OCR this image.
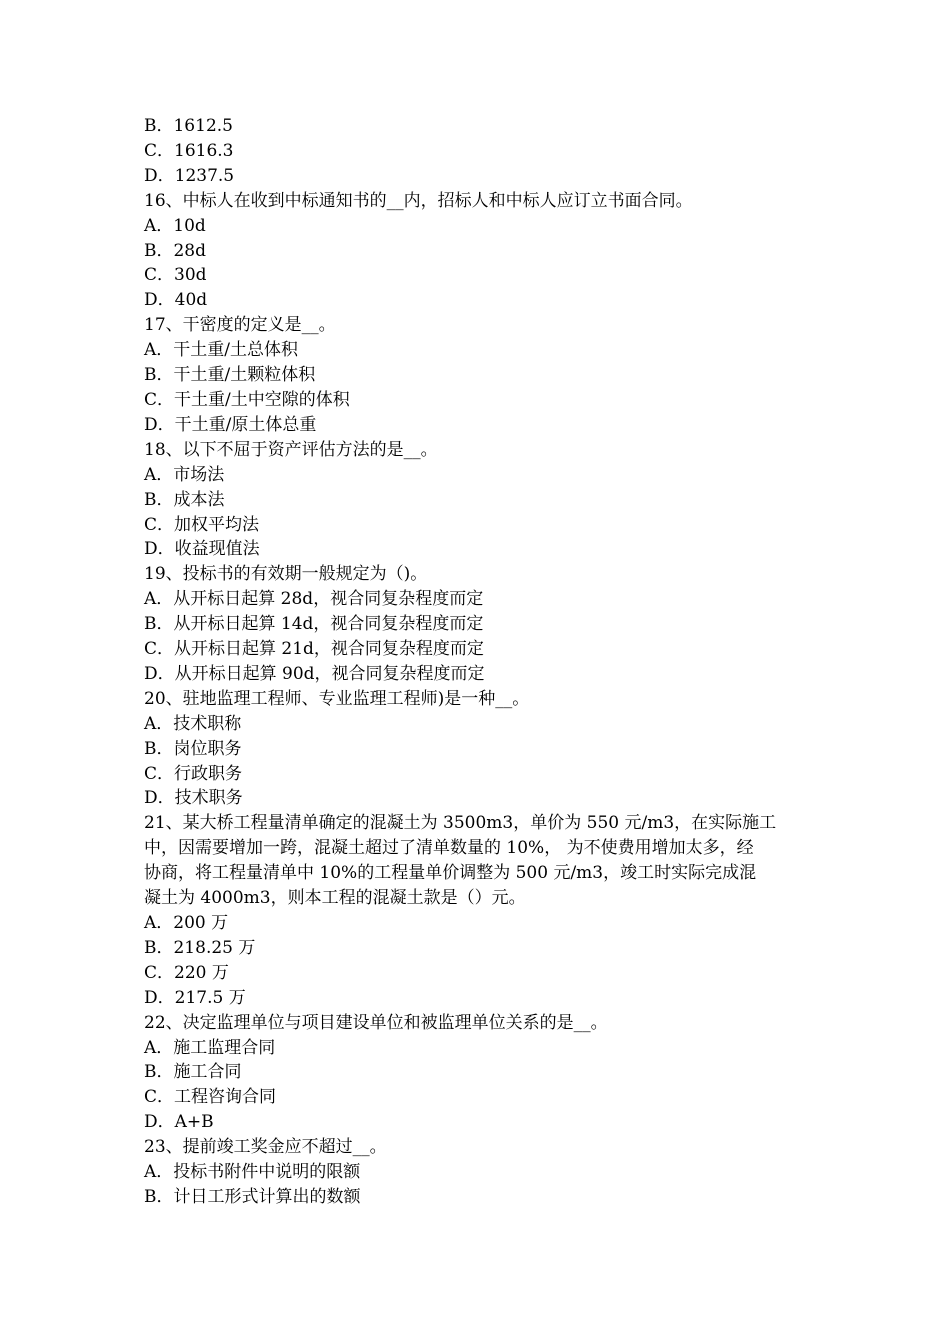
B．1612.5
C．1616.3
D．1237.5
16、中标人在收到中标通知书的__内，招标人和中标人应订立书面合同。
A．10d
B．28d
C．30d
D．40d
17、干密度的定义是__。
A．干土重/土总体积
B．干土重/土颗粒体积
C．干土重/土中空隙的体积
D．干土重/原土体总重
18、以下不屈于资产评估方法的是__。
A．市场法
B．成本法
C．加权平均法
D．收益现值法
19、投标书的有效期一般规定为（)。
A．从开标日起算 28d，视合同复杂程度而定
B．从开标日起算 14d，视合同复杂程度而定
C．从开标日起算 21d，视合同复杂程度而定
D．从开标日起算 90d，视合同复杂程度而定
20、驻地监理工程师、专业监理工程师)是一种__。
A．技术职称
B．岗位职务
C．行政职务
D．技术职务
21、某大桥工程量清单确定的混凝土为 3500m3，单价为 550 元/m3，在实际施工
中，因需要增加一跨，混凝土超过了清单数量的 10%， 为不使费用增加太多，经
协商，将工程量清单中 10%的工程量单价调整为 500 元/m3，竣工时实际完成混
凝土为 4000m3，则本工程的混凝土款是（）元。
A．200 万
B．218.25 万
C．220 万
D．217.5 万
22、决定监理单位与项目建设单位和被监理单位关系的是__。
A．施工监理合同
B．施工合同
C．工程咨询合同
D．A+B
23、提前竣工奖金应不超过__。
A．投标书附件中说明的限额
B．计日工形式计算出的数额
